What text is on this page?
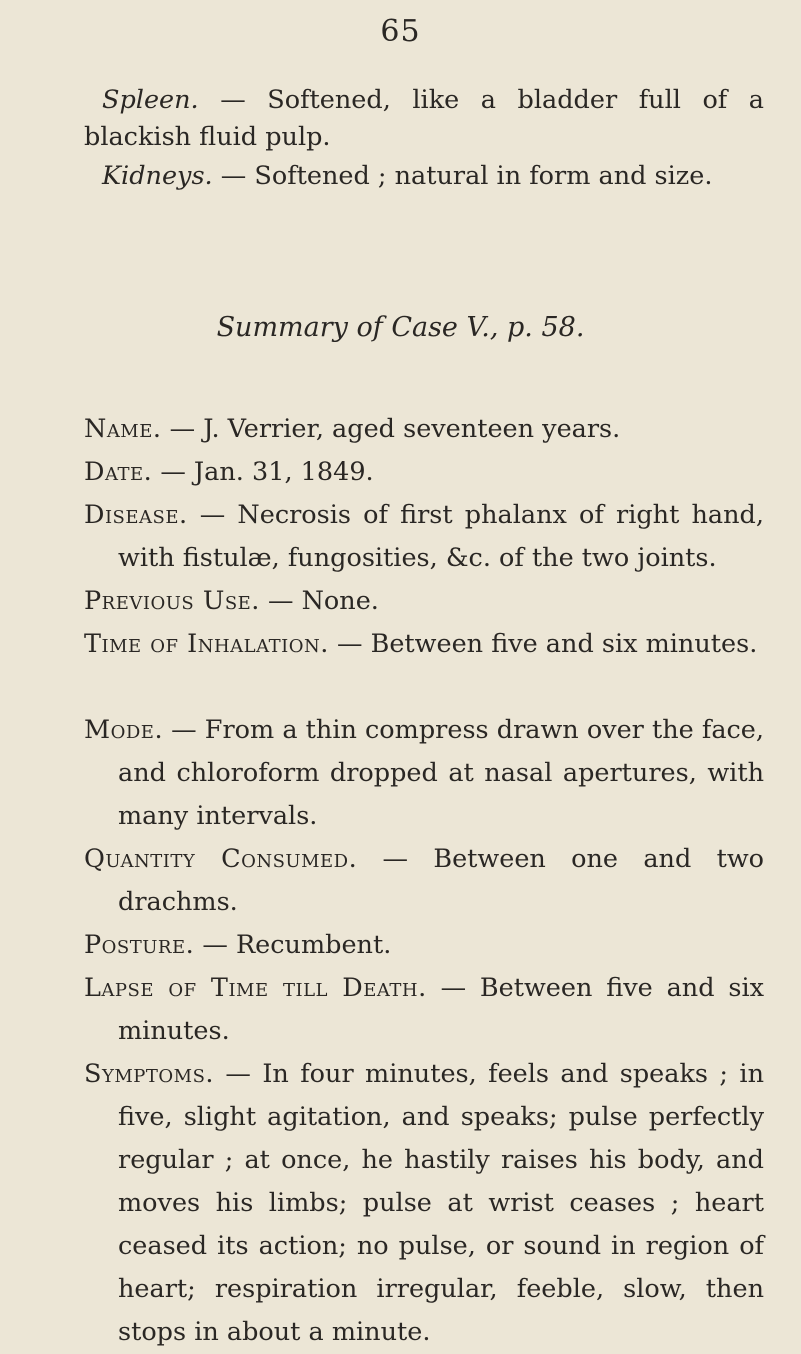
65
Spleen. — Softened, like a bladder full of a blackish fluid pulp.
Kidneys. — Softened ; natural in form and size.
Summary of Case V., p. 58.
Name. — J. Verrier, aged seventeen years.
Date. — Jan. 31, 1849.
Disease. — Necrosis of first phalanx of right hand, with fistulæ, fungosities, &c. of the two joints.
Previous Use. — None.
Time of Inhalation. — Between five and six minutes.
Mode. — From a thin compress drawn over the face, and chloroform dropped at nasal apertures, with many intervals.
Quantity Consumed. — Between one and two drachms.
Posture. — Recumbent.
Lapse of Time till Death. — Between five and six minutes.
Symptoms. — In four minutes, feels and speaks ; in five, slight agitation, and speaks; pulse perfectly regular ; at once, he hastily raises his body, and moves his limbs; pulse at wrist ceases ; heart ceased its action; no pulse, or sound in region of heart; respiration irregular, feeble, slow, then stops in about a minute.
